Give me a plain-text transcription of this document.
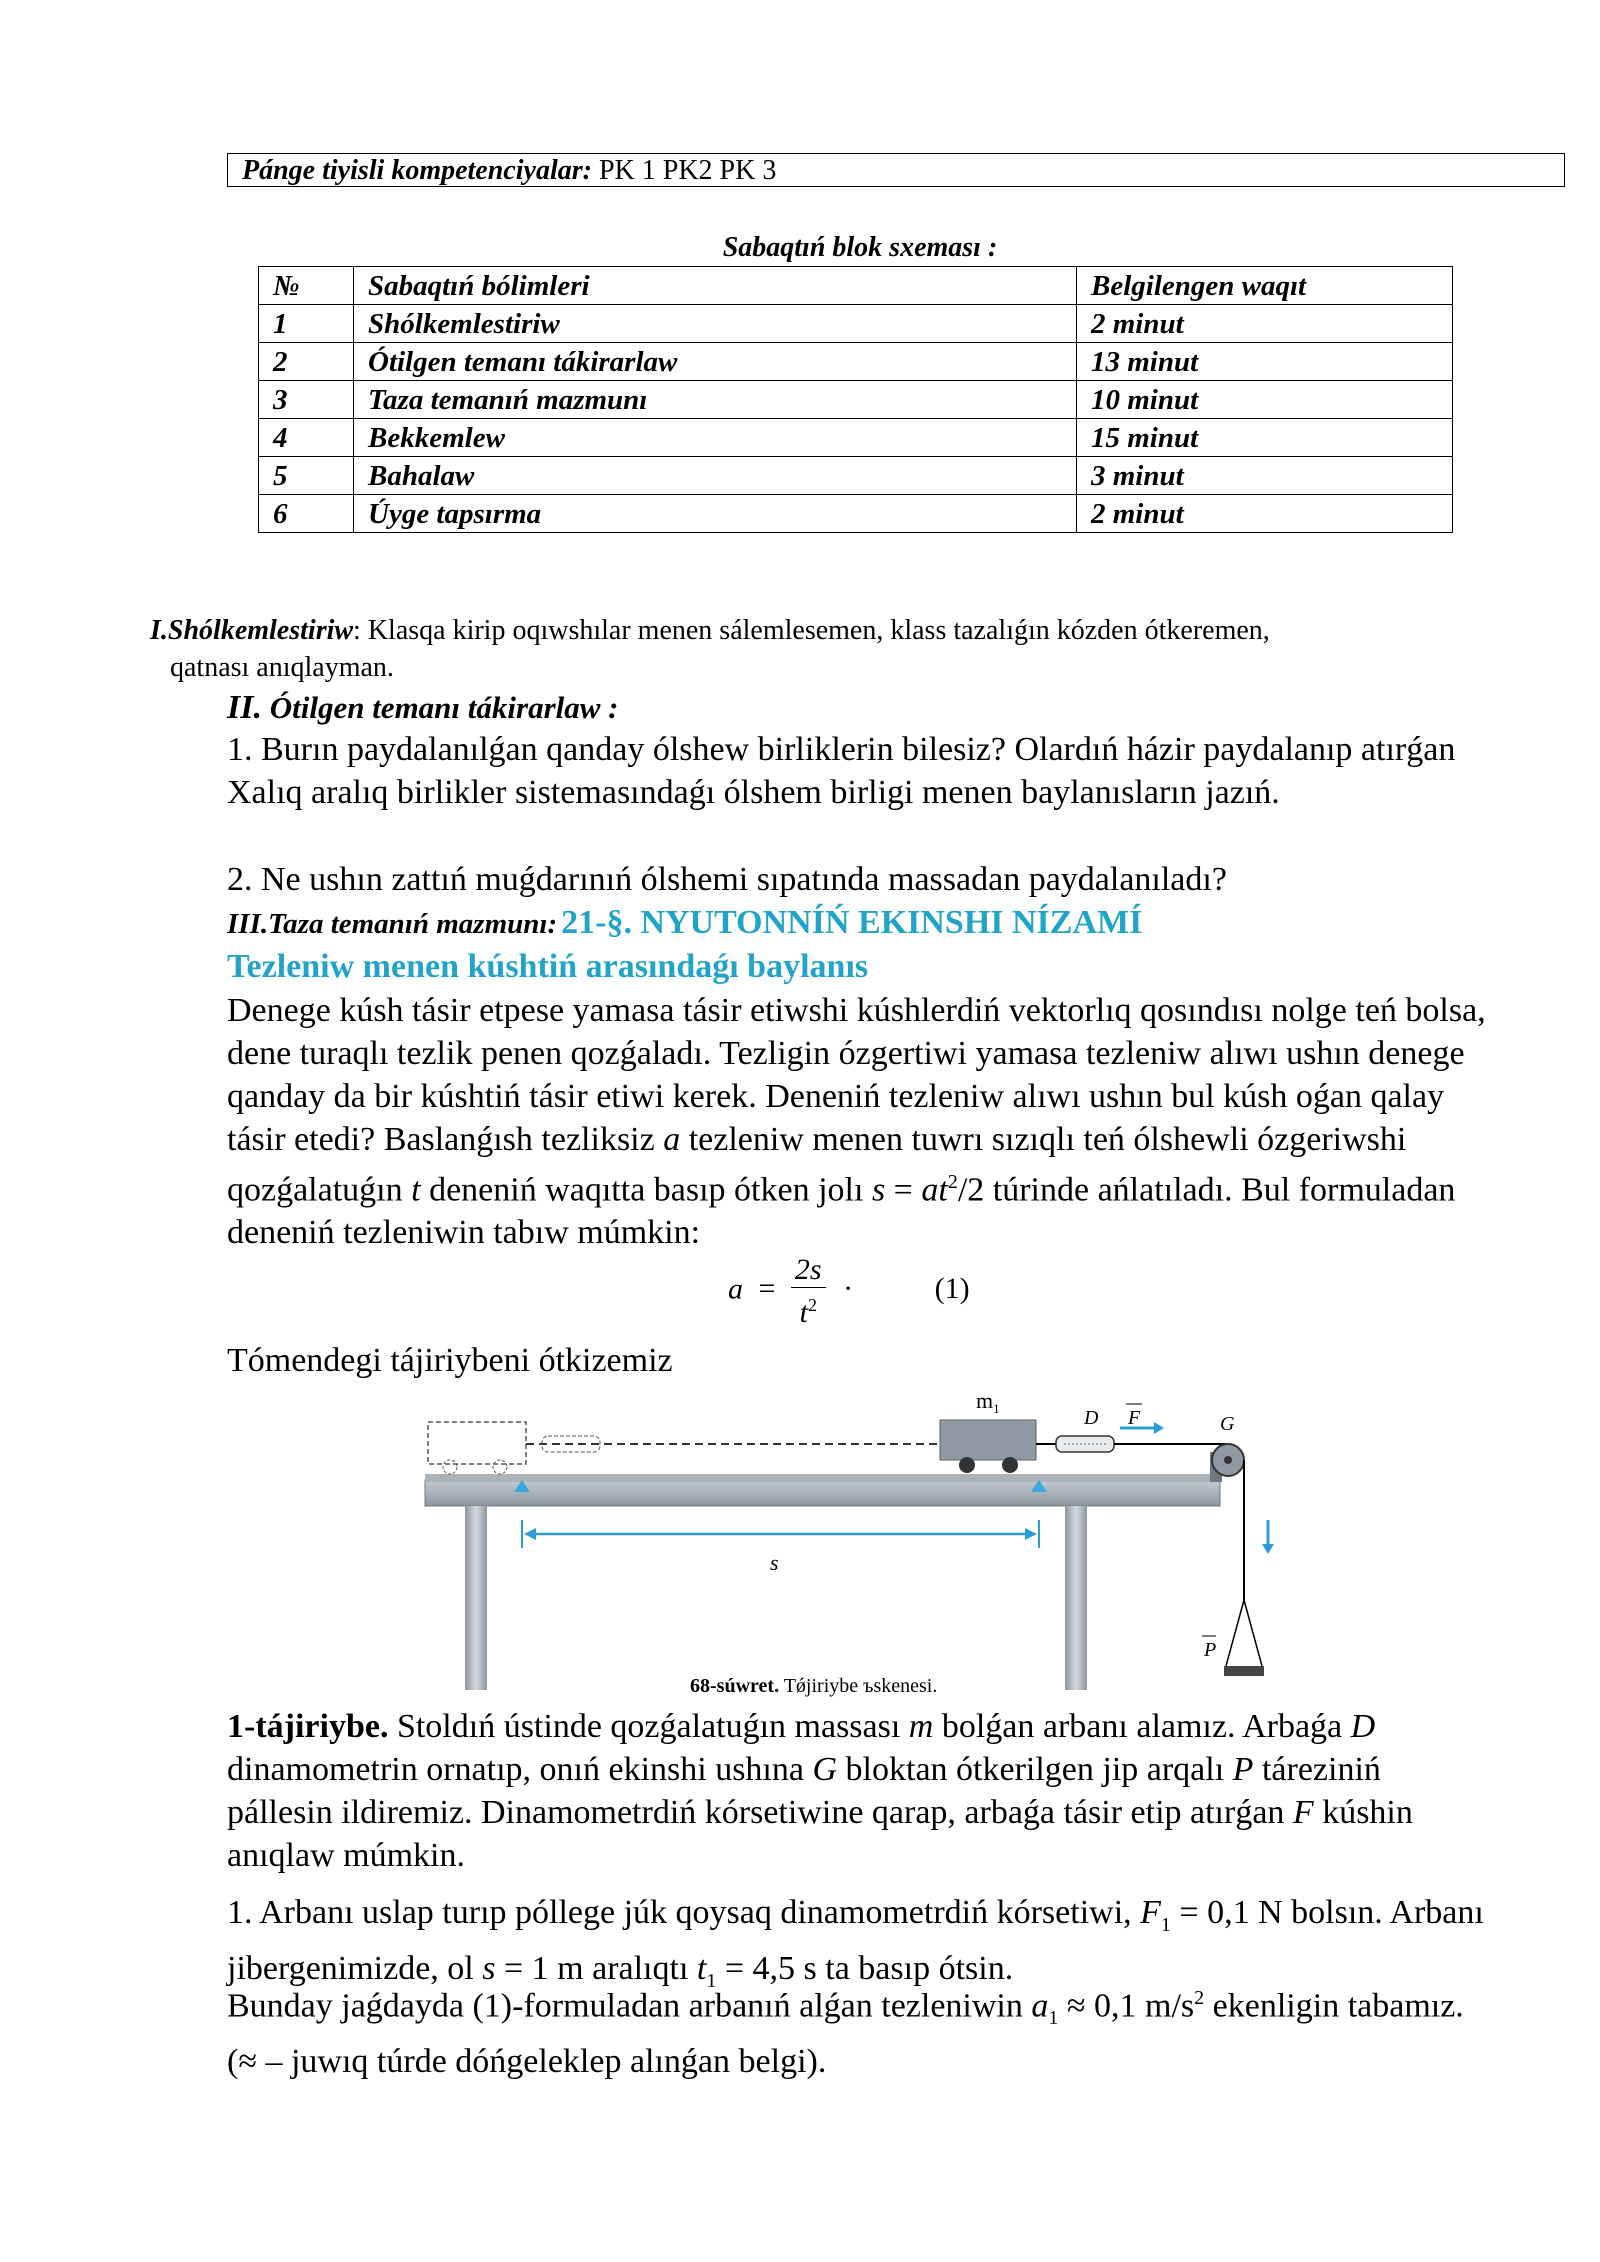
Pánge tiyisli kompetenciyalar: PK 1 PK2 PK 3
Sabaqtıń blok sxeması :
№	Sabaqtıń bólimleri	Belgilengen waqıt
1	Shólkemlestiriw	2 minut
2	Ótilgen temanı tákirarlaw	13 minut
3	Taza temanıń mazmunı	10 minut
4	Bekkemlew	15 minut
5	Bahalaw	3 minut
6	Úyge tapsırma	2 minut
I.Shólkemlestiriw: Klasqa kirip oqıwshılar menen sálemlesemen, klass tazalıǵın kózden ótkeremen,
qatnası anıqlayman.
II. Ótilgen temanı tákirarlaw :
1. Burın paydalanılǵan qanday ólshew birliklerin bilesiz? Olardıń házir paydalanıp atırǵan Xalıq aralıq birlikler sistemasındaǵı ólshem birligi menen baylanısların jazıń.
2. Ne ushın zattıń muǵdarınıń ólshemi sıpatında massadan paydalanıladı?
III.Taza temanıń mazmunı: 21-§. NYUTONNÍŃ EKINSHI NÍZAMÍ
Tezleniw menen kúshtiń arasındaǵı baylanıs
Denege kúsh tásir etpese yamasa tásir etiwshi kúshlerdiń vektorlıq qosındısı nolge teń bolsa, dene turaqlı tezlik penen qozǵaladı. Tezligin ózgertiwi yamasa tezleniw alıwı ushın denege qanday da bir kúshtiń tásir etiwi kerek. Deneniń tezleniw alıwı ushın bul kúsh oǵan qalay tásir etedi? Baslanǵısh tezliksiz a tezleniw menen tuwrı sızıqlı teń ólshewli ózgeriwshi qozǵalatuǵın t deneniń waqıtta basıp ótken jolı $s = at^2/2$ túrinde ańlatıladı. Bul formuladan deneniń tezleniwin tabıw múmkin:
$a = \frac{2s}{t^2}$ ·	(1)
Tómendegi tájiriybeni ótkizemiz
$m_1$	D F	G
s
P
68-súwret. Tǿjiriybe ъskenesi.
1-tájiriybe. Stoldıń ústinde qozǵalatuǵın massası m bolǵan arbanı alamız. Arbaǵa D dinamometrin ornatıp, onıń ekinshi ushına G bloktan ótkerilgen jip arqalı P táreziniń pállesin ildiremiz. Dinamometrdiń kórsetiwine qarap, arbaǵa tásir etip atırǵan F kúshin anıqlaw múmkin.
1. Arbanı uslap turıp póllege júk qoysaq dinamometrdiń kórsetiwi, $F_1 = 0,1$ N bolsın. Arbanı jibergenimizde, ol s = 1 m aralıqtı $t_1 = 4,5$ s ta basıp ótsin.
Bunday jaǵdayda (1)-formuladan arbanıń alǵan tezleniwin $a_1 \approx 0,1$ $m/s^2$ ekenligin tabamız. (≈ – juwıq túrde dóńgeleklep alınǵan belgi).
